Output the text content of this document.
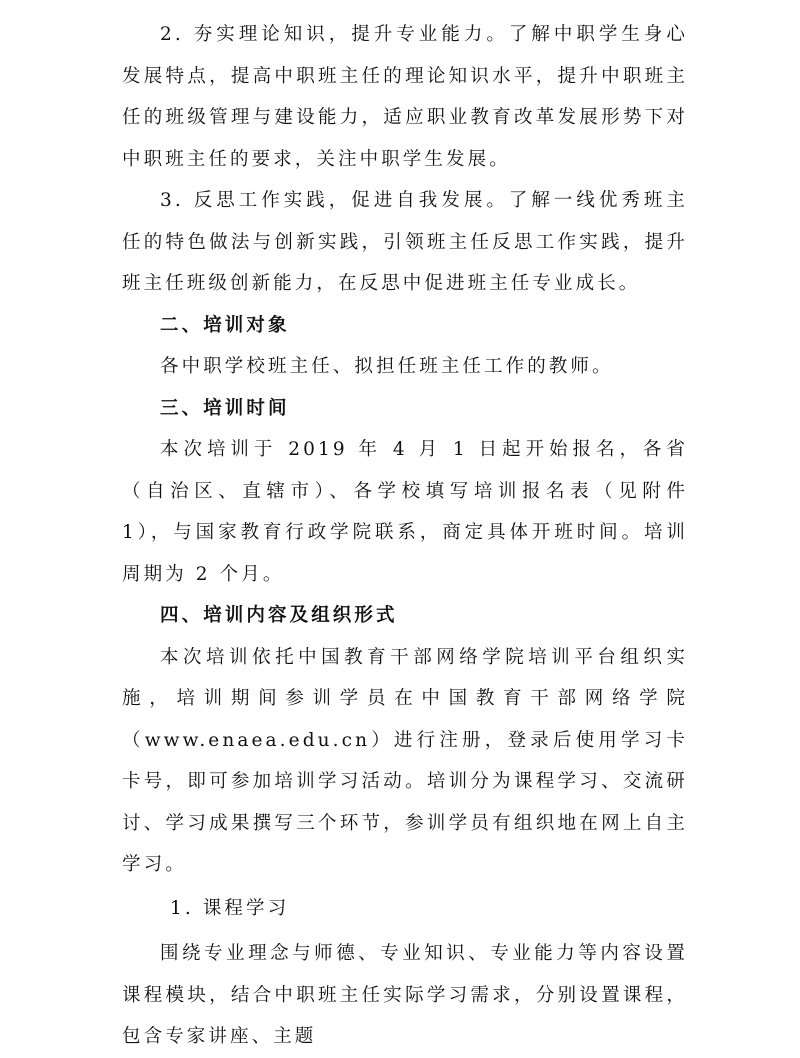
2. 夯实理论知识，提升专业能力。了解中职学生身心发展特点，提高中职班主任的理论知识水平，提升中职班主任的班级管理与建设能力，适应职业教育改革发展形势下对中职班主任的要求，关注中职学生发展。

3. 反思工作实践，促进自我发展。了解一线优秀班主任的特色做法与创新实践，引领班主任反思工作实践，提升班主任班级创新能力，在反思中促进班主任专业成长。

二、培训对象

各中职学校班主任、拟担任班主任工作的教师。

三、培训时间

本次培训于 2019 年 4 月 1 日起开始报名，各省（自治区、直辖市）、各学校填写培训报名表（见附件 1），与国家教育行政学院联系，商定具体开班时间。培训周期为 2 个月。

四、培训内容及组织形式

本次培训依托中国教育干部网络学院培训平台组织实施，培训期间参训学员在中国教育干部网络学院（www.enaea.edu.cn）进行注册，登录后使用学习卡卡号，即可参加培训学习活动。培训分为课程学习、交流研讨、学习成果撰写三个环节，参训学员有组织地在网上自主学习。

1. 课程学习

围绕专业理念与师德、专业知识、专业能力等内容设置课程模块，结合中职班主任实际学习需求，分别设置课程，包含专家讲座、主题
